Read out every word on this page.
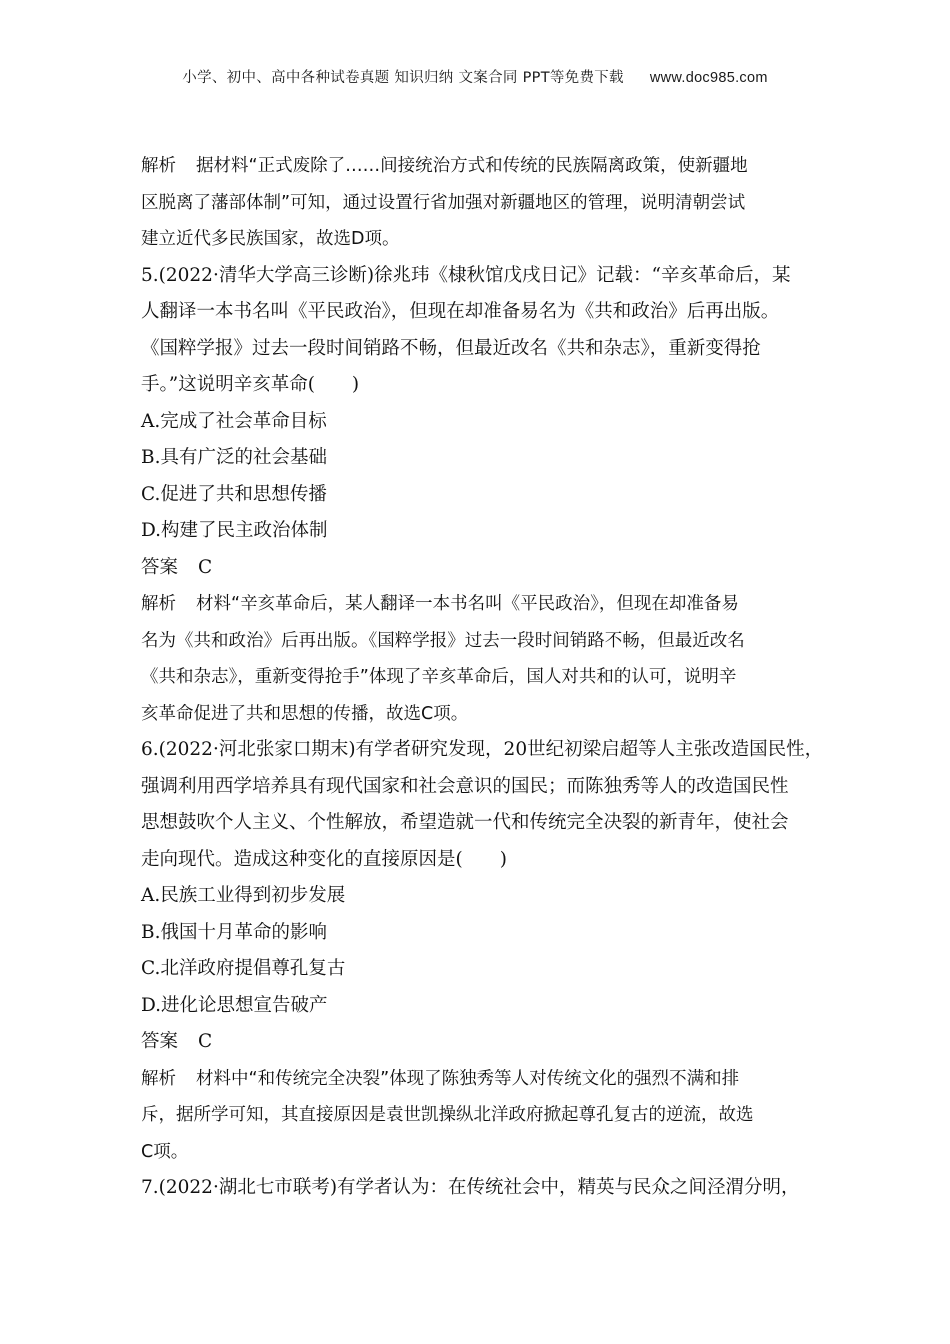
小学、初中、高中各种试卷真题 知识归纳 文案合同 PPT等免费下载 www.doc985.com
解析 据材料“正式废除了……间接统治方式和传统的民族隔离政策，使新疆地
区脱离了藩部体制”可知，通过设置行省加强对新疆地区的管理，说明清朝尝试
建立近代多民族国家，故选D项。
5.(2022·清华大学高三诊断)徐兆玮《棣秋馆戊戌日记》记载：“辛亥革命后，某
人翻译一本书名叫《平民政治》，但现在却准备易名为《共和政治》后再出版。
《国粹学报》过去一段时间销路不畅，但最近改名《共和杂志》，重新变得抢
手。”这说明辛亥革命(　　)
A.完成了社会革命目标
B.具有广泛的社会基础
C.促进了共和思想传播
D.构建了民主政治体制
答案 C
解析 材料“辛亥革命后，某人翻译一本书名叫《平民政治》，但现在却准备易
名为《共和政治》后再出版。《国粹学报》过去一段时间销路不畅，但最近改名
《共和杂志》，重新变得抢手”体现了辛亥革命后，国人对共和的认可，说明辛
亥革命促进了共和思想的传播，故选C项。
6.(2022·河北张家口期末)有学者研究发现，20世纪初梁启超等人主张改造国民性，
强调利用西学培养具有现代国家和社会意识的国民；而陈独秀等人的改造国民性
思想鼓吹个人主义、个性解放，希望造就一代和传统完全决裂的新青年，使社会
走向现代。造成这种变化的直接原因是(　　)
A.民族工业得到初步发展
B.俄国十月革命的影响
C.北洋政府提倡尊孔复古
D.进化论思想宣告破产
答案 C
解析 材料中“和传统完全决裂”体现了陈独秀等人对传统文化的强烈不满和排
斥，据所学可知，其直接原因是袁世凯操纵北洋政府掀起尊孔复古的逆流，故选
C项。
7.(2022·湖北七市联考)有学者认为：在传统社会中，精英与民众之间泾渭分明，
